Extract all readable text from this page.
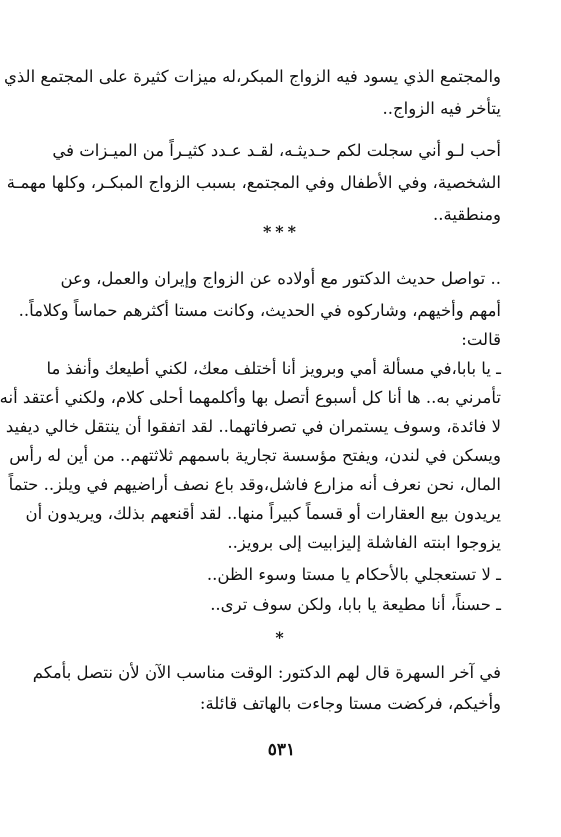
والمجتمع الذي يسود فيه الزواج المبكر،له ميزات كثيرة على المجتمع الذي
يتأخر فيه الزواج..
أحب لـو أني سجلت لكم حـديثـه، لقـد عـدد كثيـراً من الميـزات في
الشخصية، وفي الأطفال وفي المجتمع، بسبب الزواج المبكـر، وكلها مهمـة
ومنطقية..
***
.. تواصل حديث الدكتور مع أولاده عن الزواج وإيران والعمل، وعن
أمهم وأخيهم، وشاركوه في الحديث، وكانت مستا أكثرهم حماساً وكلاماً..
قالت:
ـ يا بابا،في مسألة أمي وبرويز أنا أختلف معك، لكني أطيعك وأنفذ ما
تأمرني به.. ها أنا كل أسبوع أتصل بها وأكلمهما أحلى كلام، ولكني أعتقد أنه
لا فائدة، وسوف يستمران في تصرفاتهما.. لقد اتفقوا أن ينتقل خالي ديفيد
ويسكن في لندن، ويفتح مؤسسة تجارية باسمهم ثلاثتهم.. من أين له رأس
المال، نحن نعرف أنه مزارع فاشل،وقد باع نصف أراضيهم في ويلز.. حتماً
يريدون بيع العقارات أو قسماً كبيراً منها.. لقد أقنعهم بذلك، ويريدون أن
يزوجوا ابنته الفاشلة إليزابيت إلى برويز..
ـ لا تستعجلي بالأحكام يا مستا وسوء الظن..
ـ حسناً، أنا مطيعة يا بابا، ولكن سوف ترى..
*
في آخر السهرة قال لهم الدكتور: الوقت مناسب الآن لأن نتصل بأمكم
وأخيكم، فركضت مستا وجاءت بالهاتف قائلة:
٥٣١
